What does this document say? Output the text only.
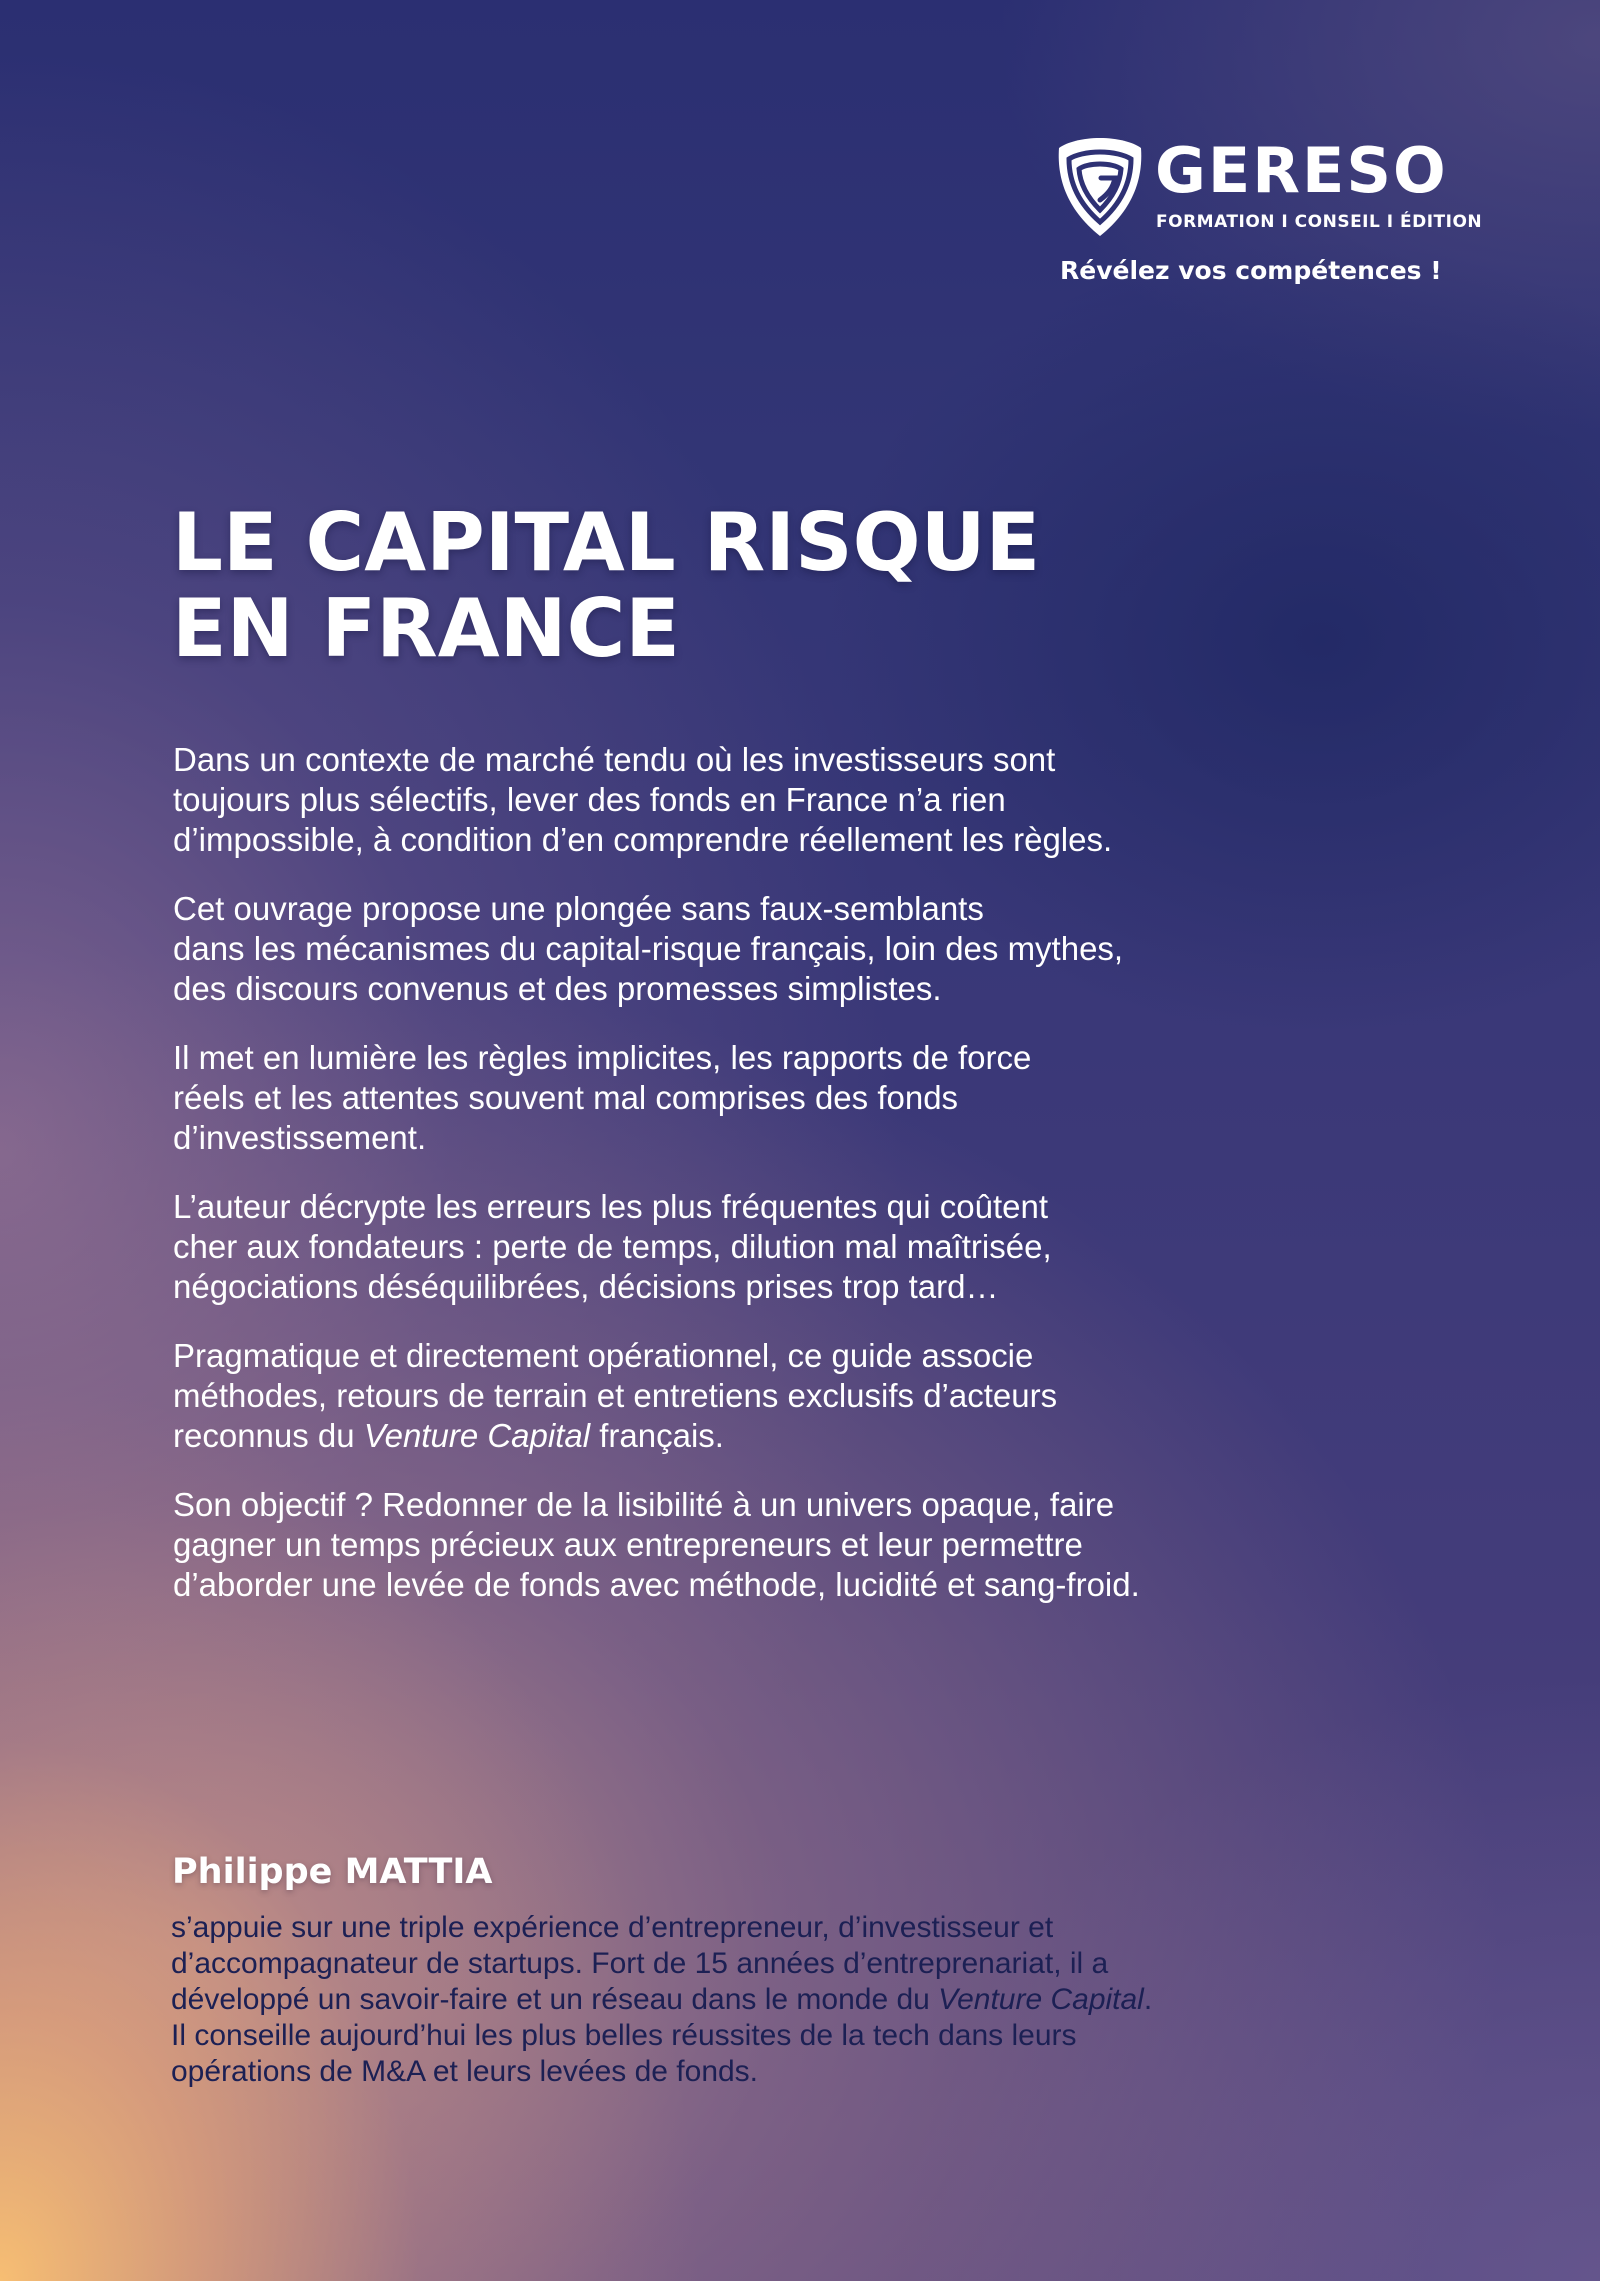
GERESO
FORMATION I CONSEIL I ÉDITION
Révélez vos compétences !
LE CAPITAL RISQUE
EN FRANCE

Dans un contexte de marché tendu où les investisseurs sont
toujours plus sélectifs, lever des fonds en France n’a rien
d’impossible, à condition d’en comprendre réellement les règles.

Cet ouvrage propose une plongée sans faux-semblants
dans les mécanismes du capital-risque français, loin des mythes,
des discours convenus et des promesses simplistes.

Il met en lumière les règles implicites, les rapports de force
réels et les attentes souvent mal comprises des fonds
d’investissement.

L’auteur décrypte les erreurs les plus fréquentes qui coûtent
cher aux fondateurs : perte de temps, dilution mal maîtrisée,
négociations déséquilibrées, décisions prises trop tard…

Pragmatique et directement opérationnel, ce guide associe
méthodes, retours de terrain et entretiens exclusifs d’acteurs
reconnus du Venture Capital français.

Son objectif ? Redonner de la lisibilité à un univers opaque, faire
gagner un temps précieux aux entrepreneurs et leur permettre
d’aborder une levée de fonds avec méthode, lucidité et sang-froid.

Philippe MATTIA

s’appuie sur une triple expérience d’entrepreneur, d’investisseur et
d’accompagnateur de startups. Fort de 15 années d’entreprenariat, il a
développé un savoir-faire et un réseau dans le monde du Venture Capital.
Il conseille aujourd’hui les plus belles réussites de la tech dans leurs
opérations de M&A et leurs levées de fonds.
